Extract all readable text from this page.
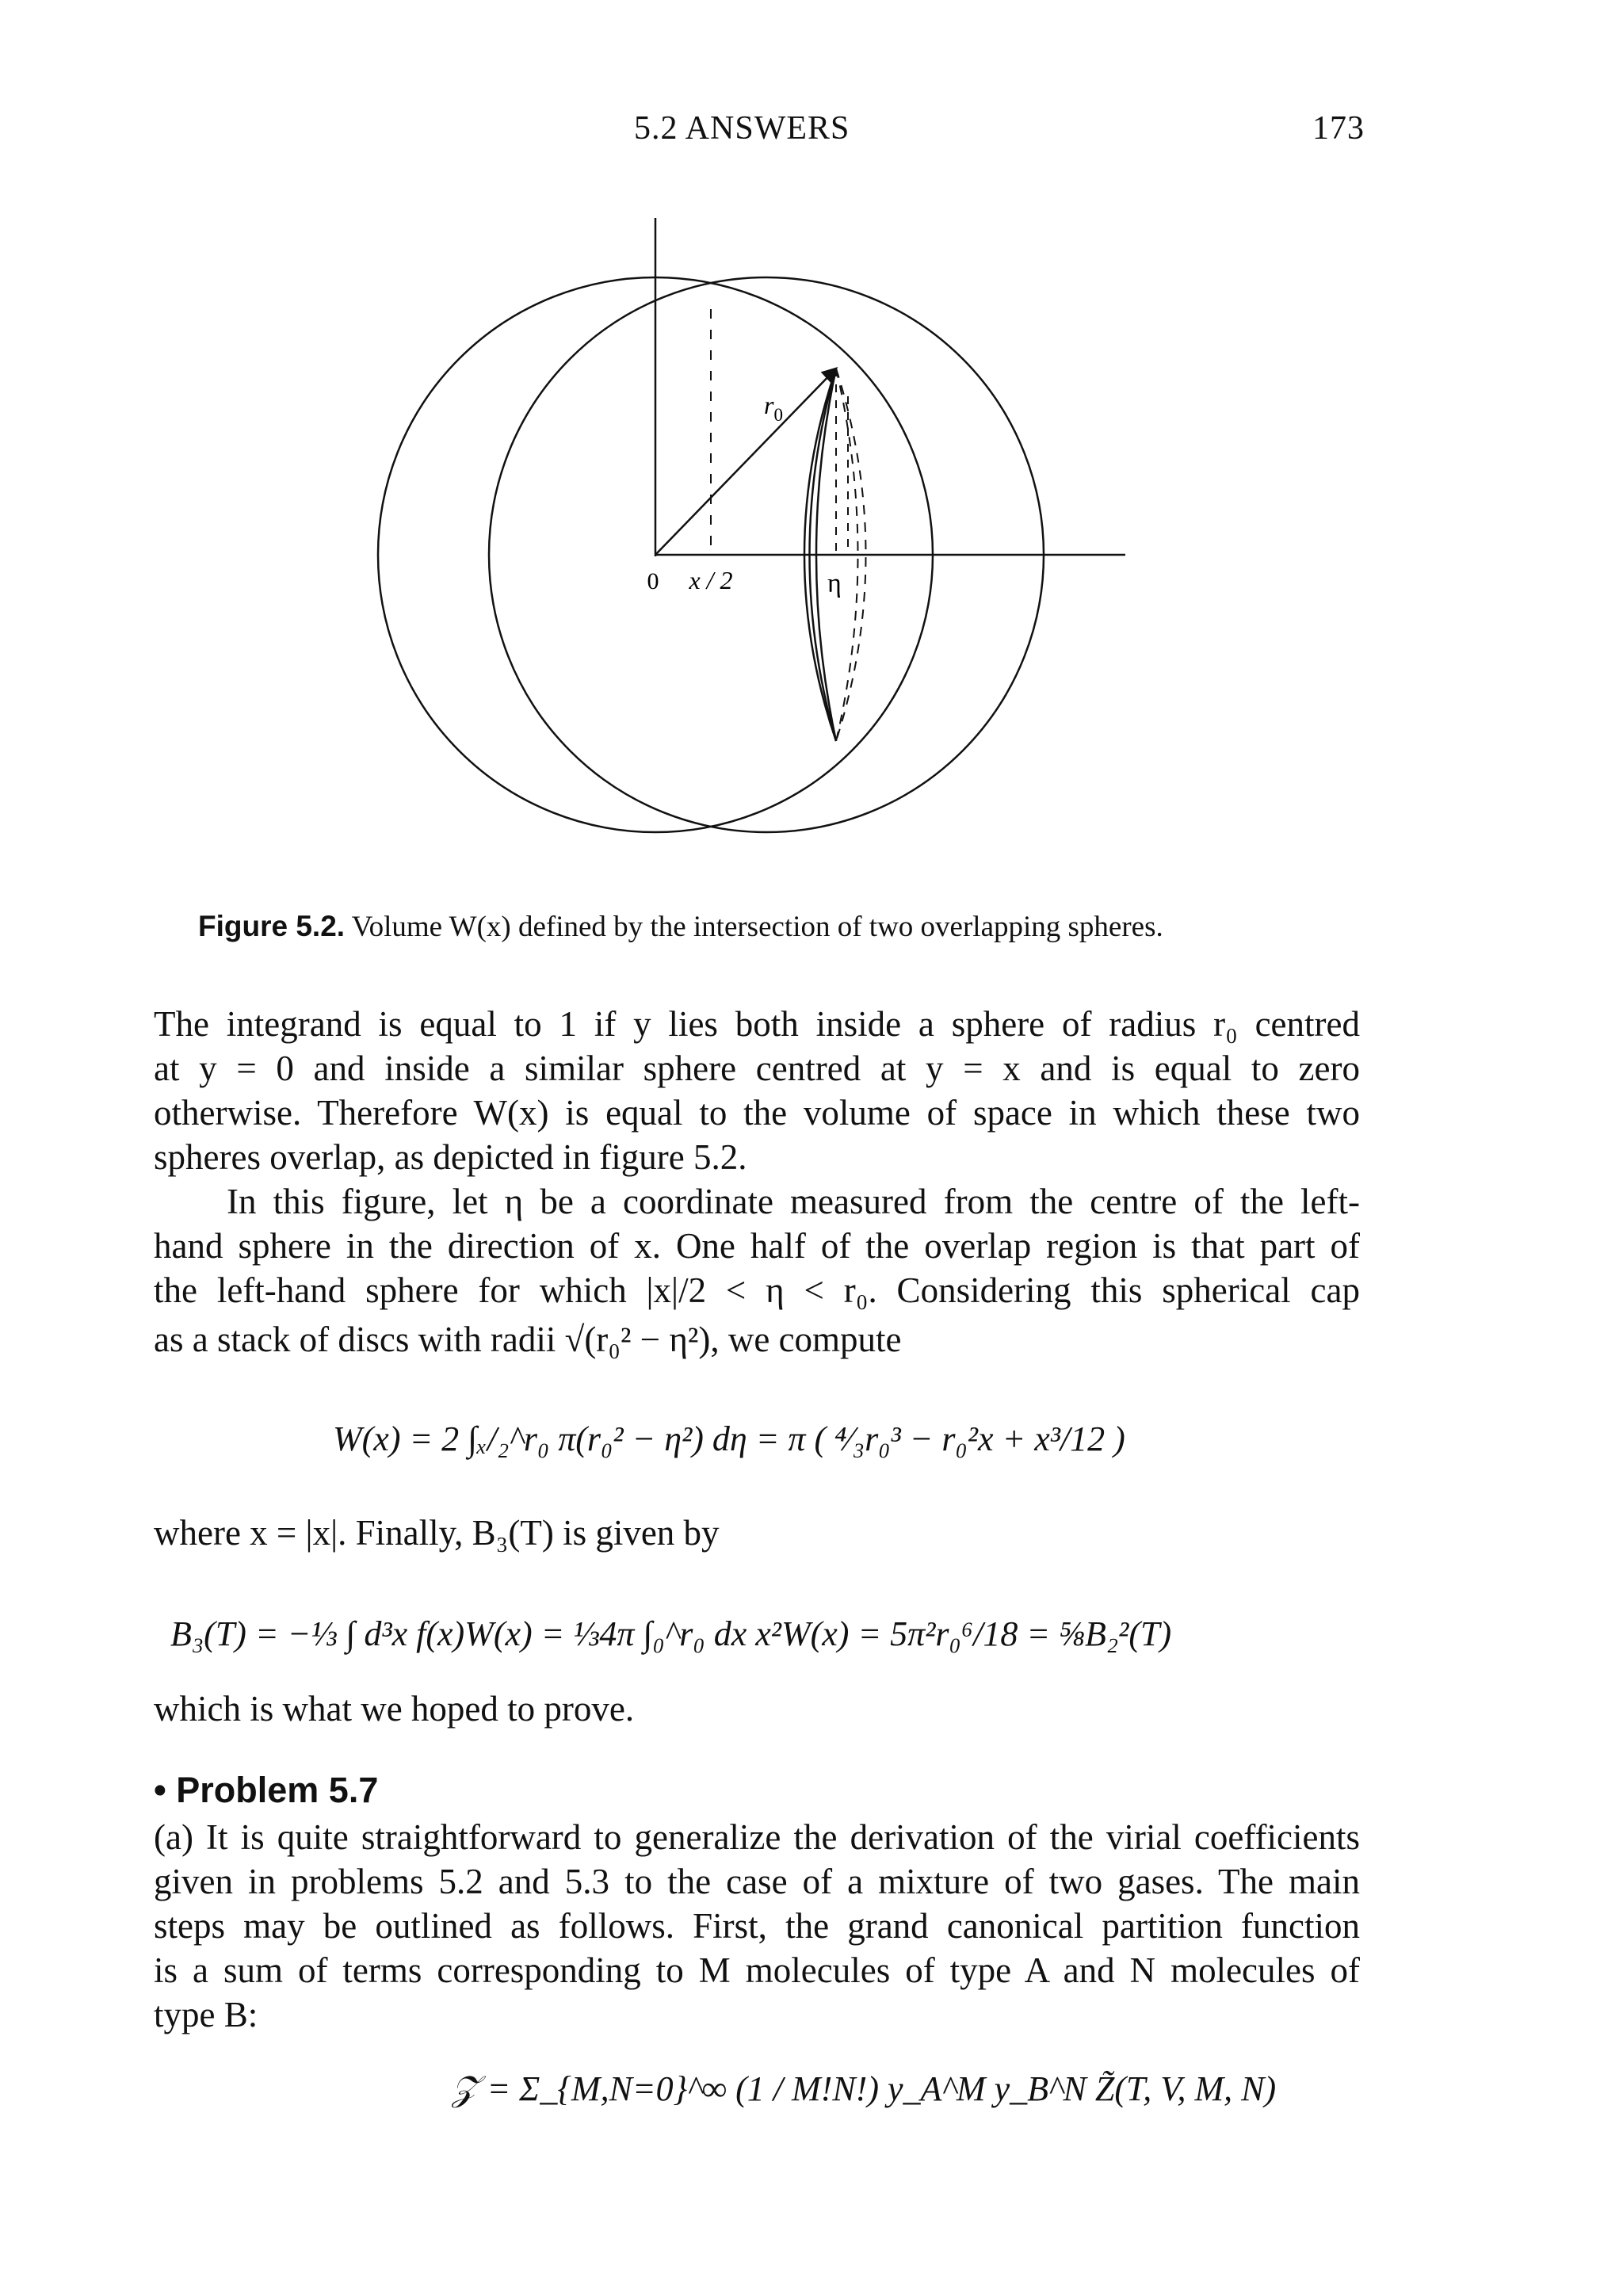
5.2 ANSWERS	173
0 x / 2
$r_0$
η
Figure 5.2. Volume W(x) defined by the intersection of two overlapping spheres.
The integrand is equal to 1 if y lies both inside a sphere of radius r₀ centred
at y = 0 and inside a similar sphere centred at y = x and is equal to zero
otherwise. Therefore W(x) is equal to the volume of space in which these two
spheres overlap, as depicted in figure 5.2.
In this figure, let η be a coordinate measured from the centre of the left-
hand sphere in the direction of x. One half of the overlap region is that part of
the left-hand sphere for which |x|/2 < η < r₀. Considering this spherical cap
as a stack of discs with radii √(r₀² − η²), we compute
W(x) = 2 ∫ₓ/₂^r₀ π(r₀² − η²) dη = π ( ⁴⁄₃r₀³ − r₀²x + x³/12 )
where x = |x|. Finally, B₃(T) is given by
B₃(T) = −⅓ ∫ d³x f(x)W(x) = ⅓4π ∫₀^r₀ dx x²W(x) = 5π²r₀⁶/18 = ⅝B₂²(T)
which is what we hoped to prove.
• Problem 5.7
(a) It is quite straightforward to generalize the derivation of the virial coefficients
given in problems 5.2 and 5.3 to the case of a mixture of two gases. The main
steps may be outlined as follows. First, the grand canonical partition function
is a sum of terms corresponding to M molecules of type A and N molecules of
type B:
𝒵 = Σ_{M,N=0}^∞ (1 / M!N!) y_A^M y_B^N Z̃(T, V, M, N)
